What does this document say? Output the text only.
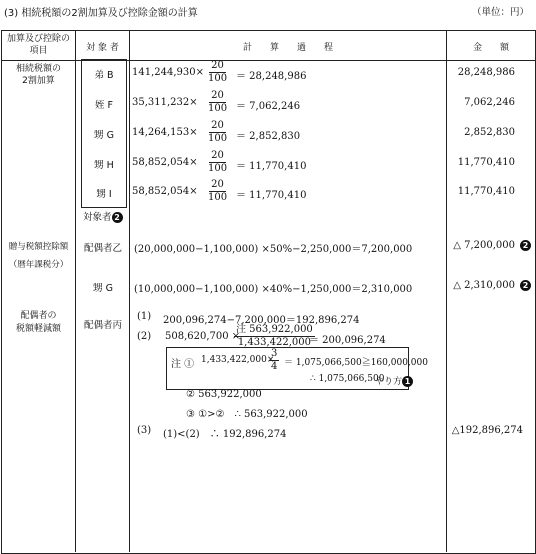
(3) 相続税額の2割加算及び控除金額の計算	（単位：円）
加算及び控除の
項目	対 象 者	計　　算　　過　　程	金　　額
相続税額の
2割加算	弟 B	$141,244,930\times \frac{20}{100} = 28,248,986$	28,248,986
姪 F	$35,311,232\times \frac{20}{100} = 7,062,246$	7,062,246
甥 G	$14,264,153\times \frac{20}{100} = 2,852,830$	2,852,830
甥 H	$58,852,054\times \frac{20}{100} = 11,770,410$	11,770,410
甥 I	$58,852,054\times \frac{20}{100} = 11,770,410$	11,770,410
対象者 2
贈与税額控除額
（暦年課税分）
配偶者乙	(20,000,000−1,100,000) ×50%−2,250,000＝7,200,000	△ 7,200,000 2
甥 G	(10,000,000−1,100,000) ×40%−1,250,000＝2,310,000	△ 2,310,000 2
配偶者の
税額軽減額	配偶者丙
(1) 200,096,274−7,200,000＝192,896,274
(2) 508,620,700 ×
注 563,922,000
1,433,422,000
＝ 200,096,274
注 ① 1,433,422,000×
$\frac{3}{4}$ ＝ 1,075,066,500≧160,000,000
∴ 1,075,066,500
やり方 1
② 563,922,000
③ ①>②　∴ 563,922,000
(3) (1)<(2)　∴ 192,896,274	△192,896,274
